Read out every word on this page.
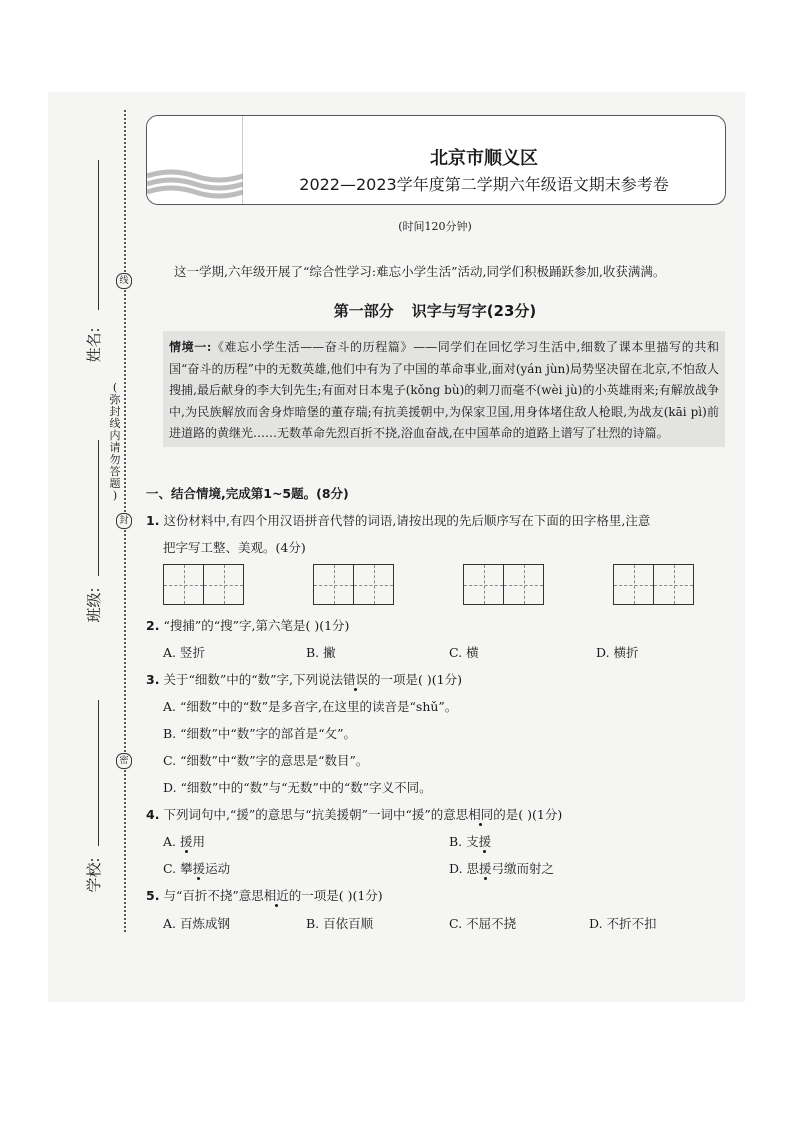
线
封
密
(
弥
封
线
内
请
勿
答
题
)
姓名:
班级:
学校:
北京市顺义区
2022—2023学年度第二学期六年级语文期末参考卷
(时间120分钟)
这一学期,六年级开展了“综合性学习:难忘小学生活”活动,同学们积极踊跃参加,收获满满。
第一部分 识字与写字(23分)
情境一:《难忘小学生活——奋斗的历程篇》——同学们在回忆学习生活中,细数了课本里描写的共和国“奋斗的历程”中的无数英雄,他们中有为了中国的革命事业,面对(yán jùn)局势坚决留在北京,不怕敌人搜捕,最后献身的李大钊先生;有面对日本鬼子(kǒng bù)的刺刀而毫不(wèi jù)的小英雄雨来;有解放战争中,为民族解放而舍身炸暗堡的董存瑞;有抗美援朝中,为保家卫国,用身体堵住敌人枪眼,为战友(kāi pì)前进道路的黄继光……无数革命先烈百折不挠,浴血奋战,在中国革命的道路上谱写了壮烈的诗篇。
一、结合情境,完成第1~5题。(8分)
1. 这份材料中,有四个用汉语拼音代替的词语,请按出现的先后顺序写在下面的田字格里,注意
把字写工整、美观。(4分)
2. “搜捕”的“搜”字,第六笔是( )(1分)
A. 竖折	B. 撇	C. 横	D. 横折
3. 关于“细数”中的“数”字,下列说法错误的一项是( )(1分)
A. “细数”中的“数”是多音字,在这里的读音是“shǔ”。
B. “细数”中“数”字的部首是“攵”。
C. “细数”中“数”字的意思是“数目”。
D. “细数”中的“数”与“无数”中的“数”字义不同。
4. 下列词句中,“援”的意思与“抗美援朝”一词中“援”的意思相同的是( )(1分)
A. 援用	B. 支援
C. 攀援运动	D. 思援弓缴而射之
5. 与“百折不挠”意思相近的一项是( )(1分)
A. 百炼成钢	B. 百依百顺	C. 不屈不挠	D. 不折不扣
